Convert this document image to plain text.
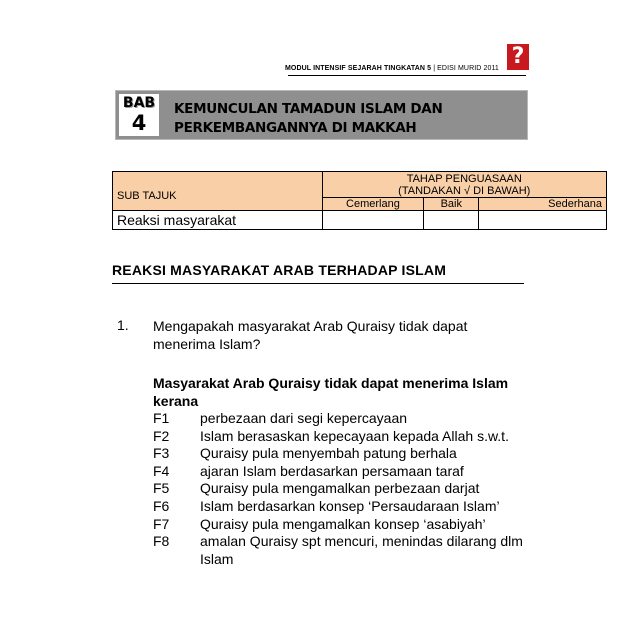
MODUL INTENSIF SEJARAH TINGKATAN 5 | EDISI MURID 2011 ?
BAB
4
KEMUNCULAN TAMADUN ISLAM DAN PERKEMBANGANNYA DI MAKKAH
SUB TAJUK	TAHAP PENGUASAAN		
	(TANDAKAN √ DI BAWAH)		
	Cemerlang	Baik	Sederhana
Reaksi masyarakat			
REAKSI MASYARAKAT ARAB TERHADAP ISLAM
1. Mengapakah masyarakat Arab Quraisy tidak dapat menerima Islam?
Masyarakat Arab Quraisy tidak dapat menerima Islam kerana
F1	perbezaan dari segi kepercayaan
F2	Islam berasaskan kepecayaan kepada Allah s.w.t.
F3	Quraisy pula menyembah patung berhala
F4	ajaran Islam berdasarkan persamaan taraf
F5	Quraisy pula mengamalkan perbezaan darjat
F6	Islam berdasarkan konsep ‘Persaudaraan Islam’
F7	Quraisy pula mengamalkan konsep ‘asabiyah’
F8	amalan Quraisy spt mencuri, menindas dilarang dlm Islam
